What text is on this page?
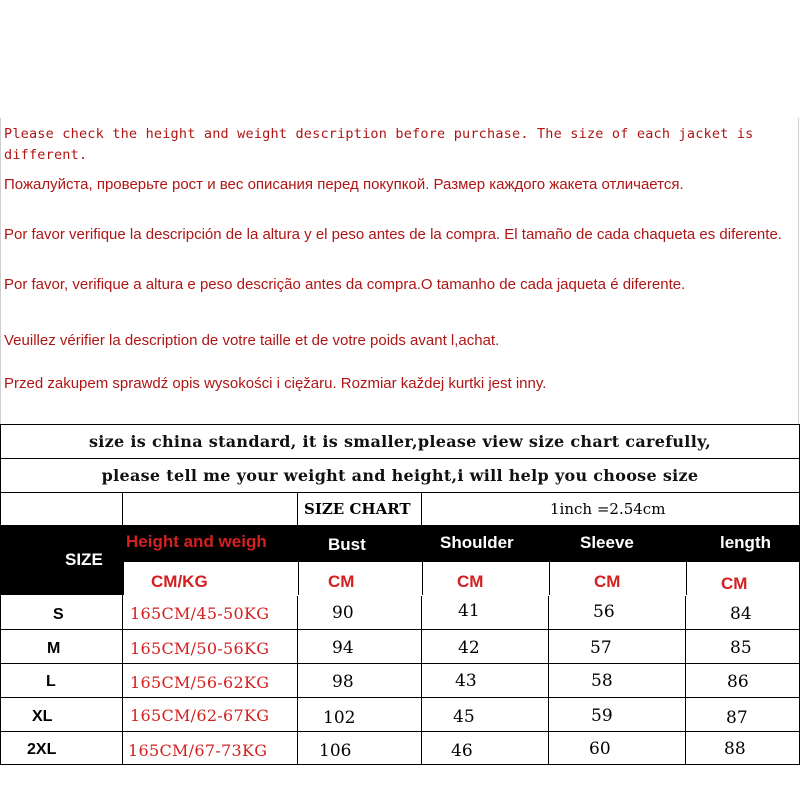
Please check the height and weight description before purchase. The size of each jacket is different.

Пожалуйста, проверьте рост и вес описания перед покупкой. Размер каждого жакета отличается.

Por favor verifique la descripción de la altura y el peso antes de la compra. El tamaño de cada chaqueta es diferente.

Por favor, verifique a altura e peso descrição antes da compra.O tamanho de cada jaqueta é diferente.

Veuillez vérifier la description de votre taille et de votre poids avant l,achat.

Przed zakupem sprawdź opis wysokości i cięžaru. Rozmiar každej kurtki jest inny.

size is china standard, it is smaller,please view size chart carefully,
please tell me your weight and height,i will help you choose size
SIZE CHART	1inch =2.54cm
SIZE
Height and weigh	Bust	Shoulder	Sleeve	length
CM/KG	CM	CM	CM	CM
S	165CM/45-50KG	90	41	56	84
M	165CM/50-56KG	94	42	57	85
L	165CM/56-62KG	98	43	58	86
XL	165CM/62-67KG	102	45	59	87
2XL	165CM/67-73KG	106	46	60	88
